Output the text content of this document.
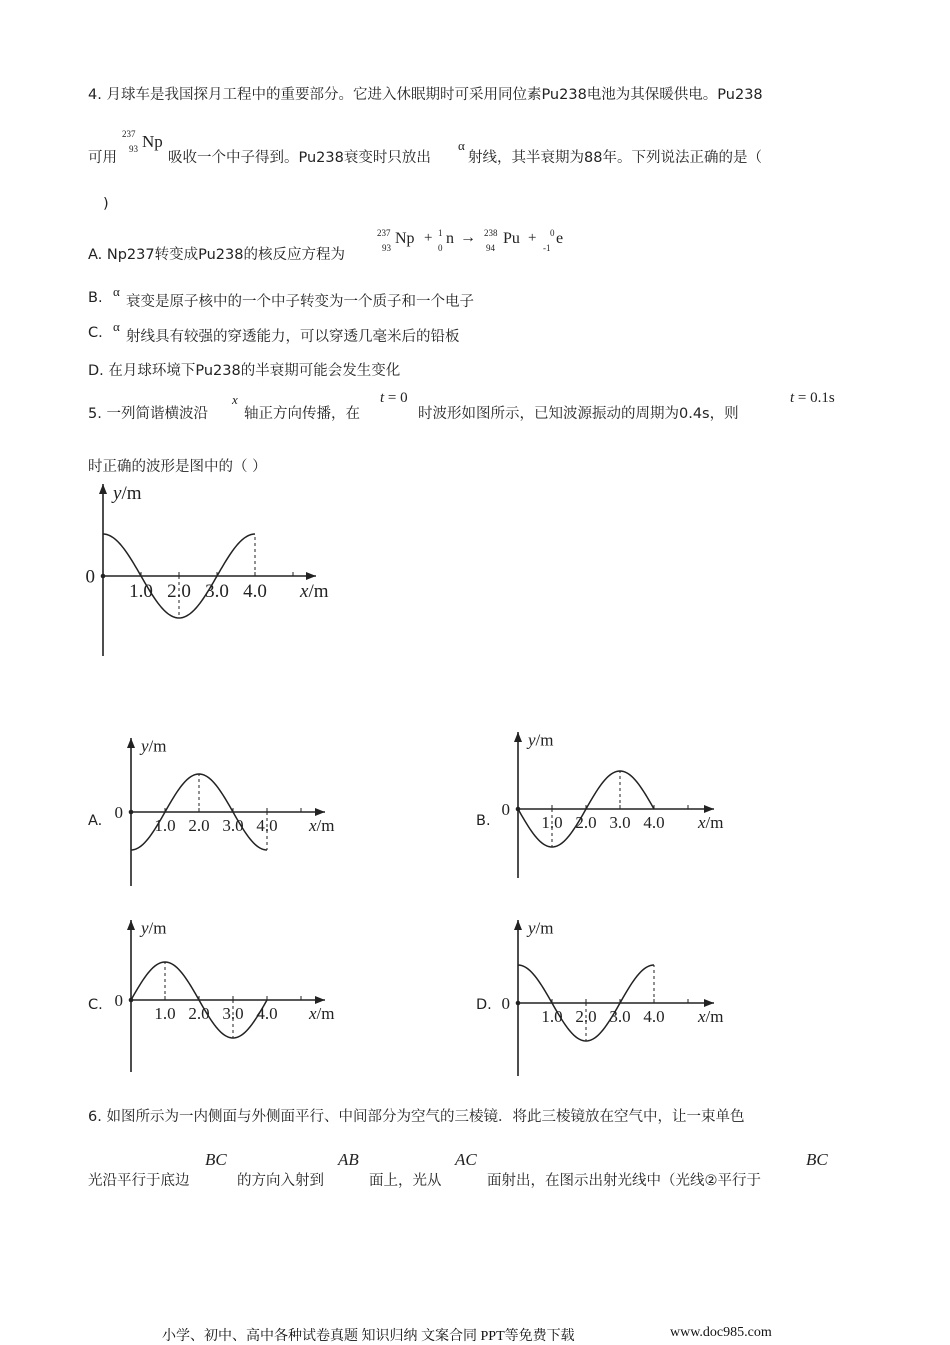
4. 月球车是我国探月工程中的重要部分。它进入休眠期时可采用同位素Pu238电池为其保暖供电。Pu238
可用
237
93 Np
吸收一个中子得到。Pu238衰变时只放出
α
射线，其半衰期为88年。下列说法正确的是（
)
A. Np237转变成Pu238的核反应方程为
237
93
Np + 1
0
n → 238
94
Pu + 0
-1
e
B. α
衰变是原子核中的一个中子转变为一个质子和一个电子
C. α
射线具有较强的穿透能力，可以穿透几毫米后的铅板
D. 在月球环境下Pu238的半衰期可能会发生变化
5. 一列简谐横波沿
x
轴正方向传播，在
t = 0
时波形如图所示，已知波源振动的周期为0.4s，则
t = 0.1s
时正确的波形是图中的（ ）
1.0 2.0 3.0 4.0
0
y/m
x/m
A.	1.0 2.0 3.0 4.0
0
y/m
x/m	B.	1.0 2.0 3.0 4.0
0
y/m
x/m
C.	1.0 2.0 3.0 4.0
0
y/m
x/m	D.
1.0 2.0 3.0 4.0
0
y/m
x/m
6. 如图所示为一内侧面与外侧面平行、中间部分为空气的三棱镜．将此三棱镜放在空气中，让一束单色
光沿平行于底边
BC
的方向入射到
AB
面上，光从
AC
面射出，在图示出射光线中（光线②平行于
BC
小学、初中、高中各种试卷真题 知识归纳 文案合同 PPT等免费下载	www.doc985.com
